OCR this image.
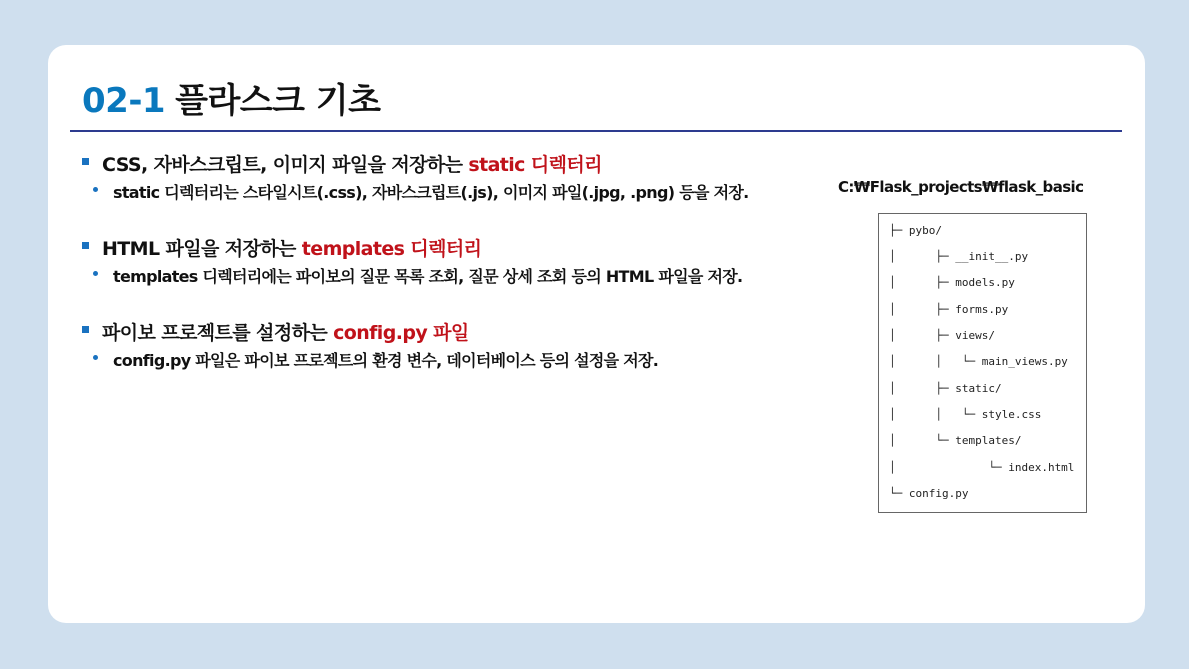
02-1 플라스크 기초
CSS, 자바스크립트, 이미지 파일을 저장하는 static 디렉터리
static 디렉터리는 스타일시트(.css), 자바스크립트(.js), 이미지 파일(.jpg, .png) 등을 저장.
HTML 파일을 저장하는 templates 디렉터리
templates 디렉터리에는 파이보의 질문 목록 조회, 질문 상세 조회 등의 HTML 파일을 저장.
파이보 프로젝트를 설정하는 config.py 파일
config.py 파일은 파이보 프로젝트의 환경 변수, 데이터베이스 등의 설정을 저장.
C:₩Flask_projects₩flask_basic
├─ pybo/
│      ├─ __init__.py
│      ├─ models.py
│      ├─ forms.py
│      ├─ views/
│      │   └─ main_views.py
│      ├─ static/
│      │   └─ style.css
│      └─ templates/
│              └─ index.html
└─ config.py
